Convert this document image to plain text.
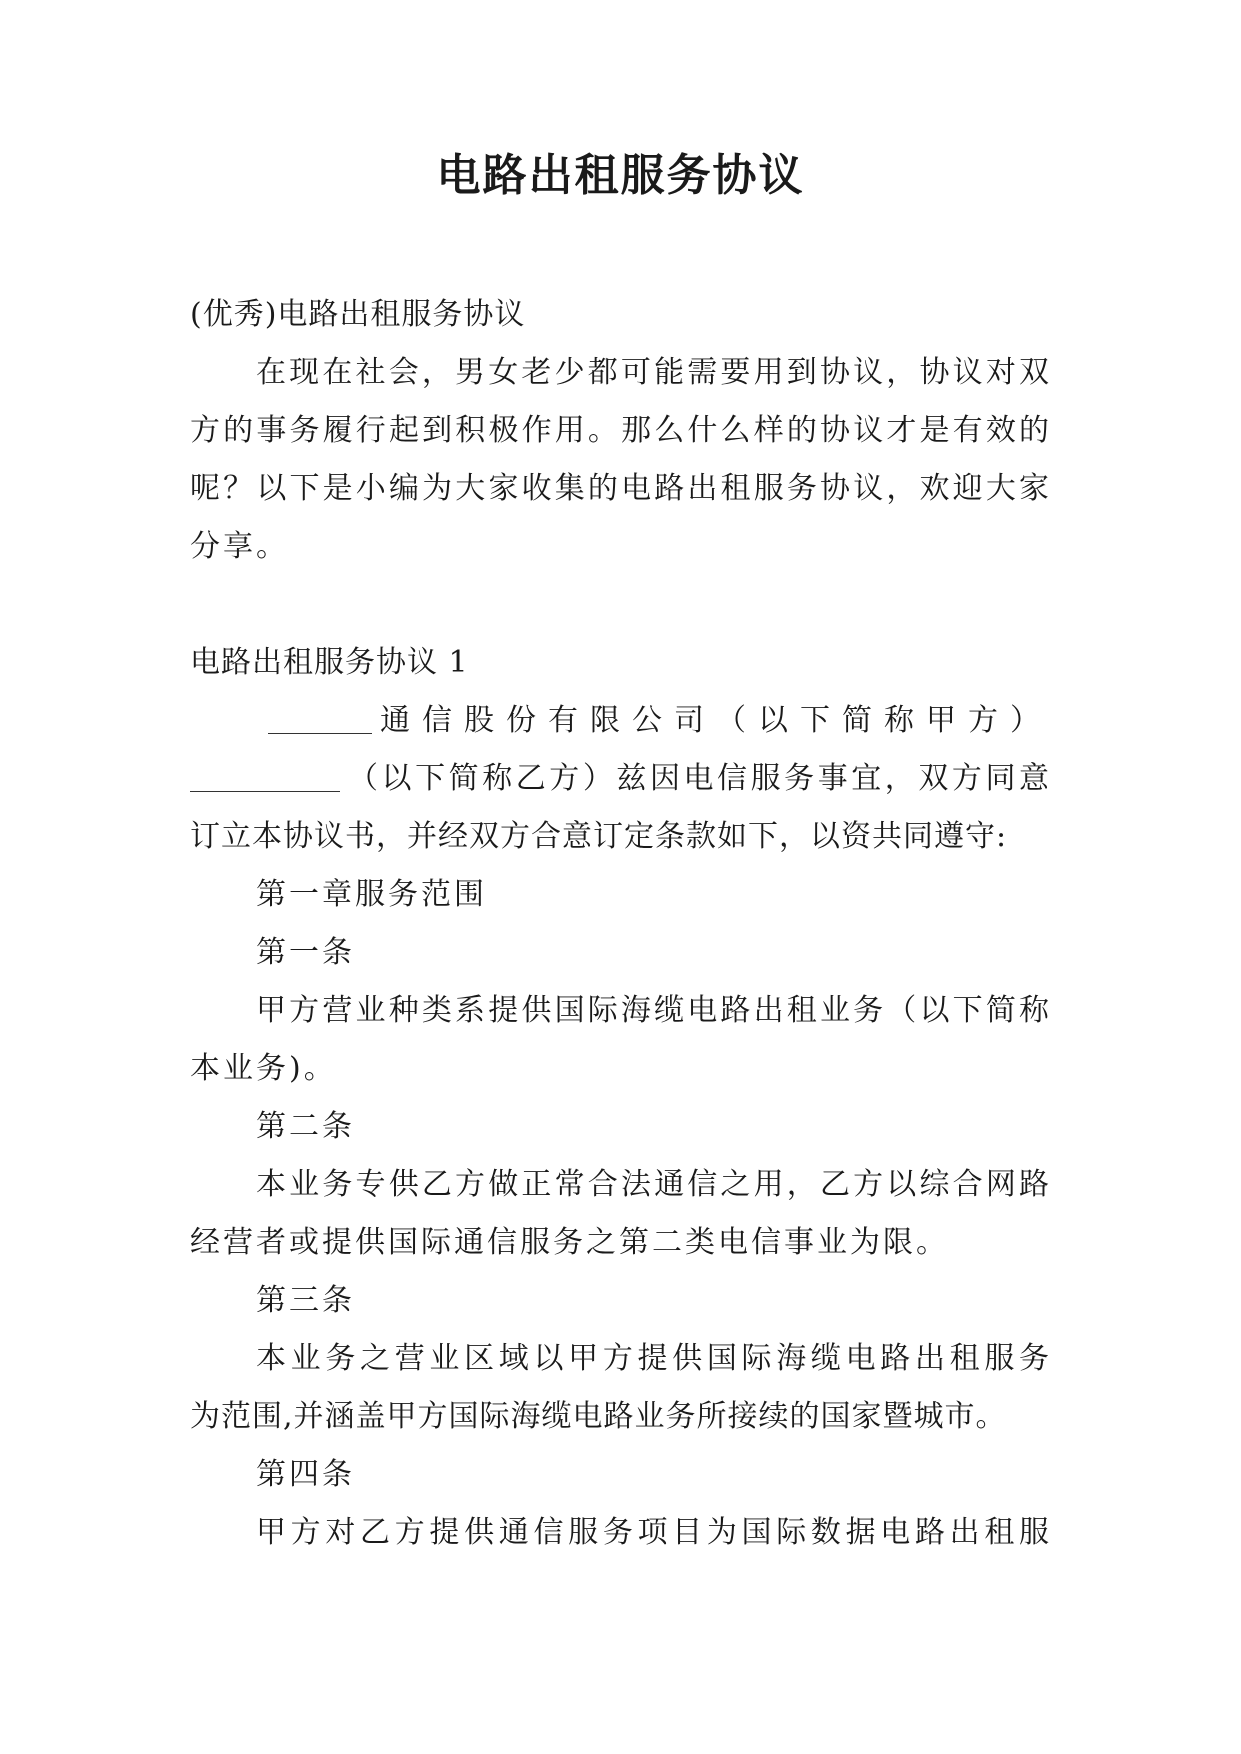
电路出租服务协议
(优秀)电路出租服务协议
在现在社会，男女老少都可能需要用到协议，协议对双
方的事务履行起到积极作用。那么什么样的协议才是有效的
呢？以下是小编为大家收集的电路出租服务协议，欢迎大家
分享。
电路出租服务协议 1
通信股份有限公司（以下简称甲方）
（以下简称乙方）兹因电信服务事宜，双方同意
订立本协议书，并经双方合意订定条款如下，以资共同遵守:
第一章服务范围
第一条
甲方营业种类系提供国际海缆电路出租业务（以下简称
本业务)。
第二条
本业务专供乙方做正常合法通信之用，乙方以综合网路
经营者或提供国际通信服务之第二类电信事业为限。
第三条
本业务之营业区域以甲方提供国际海缆电路出租服务
为范围,并涵盖甲方国际海缆电路业务所接续的国家暨城市。
第四条
甲方对乙方提供通信服务项目为国际数据电路出租服
